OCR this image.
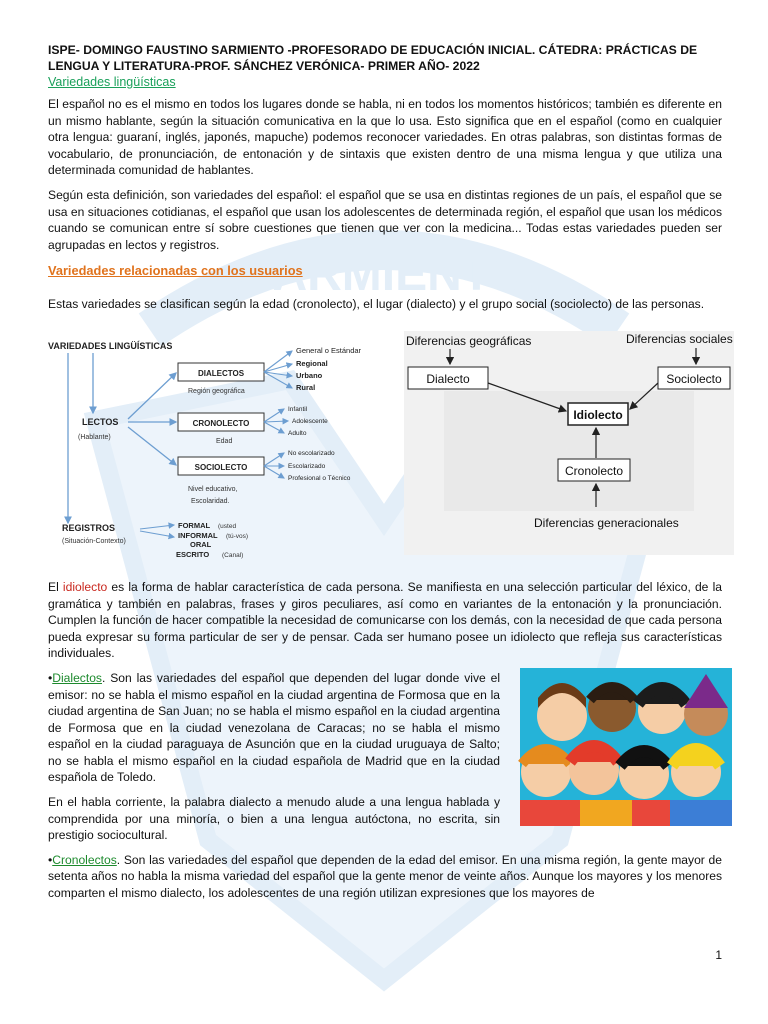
SARMIENTO
ISPE- DOMINGO FAUSTINO SARMIENTO -PROFESORADO DE EDUCACIÓN INICIAL. CÁTEDRA: PRÁCTICAS DE
LENGUA Y LITERATURA-PROF. SÁNCHEZ VERÓNICA- PRIMER AÑO- 2022
Variedades lingüísticas

El español no es el mismo en todos los lugares donde se habla, ni en todos los momentos históricos; también es diferente en un mismo hablante, según la situación comunicativa en la que lo usa. Esto significa que en el español (como en cualquier otra lengua: guaraní, inglés, japonés, mapuche) podemos reconocer variedades. En otras palabras, son distintas formas de vocabulario, de pronunciación, de entonación y de sintaxis que existen dentro de una misma lengua y que utiliza una determinada comunidad de hablantes.

Según esta definición, son variedades del español: el español que se usa en distintas regiones de un país, el español que se usa en situaciones cotidianas, el español que usan los adolescentes de determinada región, el español que usan los médicos cuando se comunican entre sí sobre cuestiones que tienen que ver con la medicina... Todas estas variedades pueden ser agrupadas en lectos y registros.

Variedades relacionadas con los usuarios

Estas variedades se clasifican según la edad (cronolecto), el lugar (dialecto) y el grupo social (sociolecto) de las personas.

VARIEDADES LINGÜÍSTICAS
LECTOS
(Hablante)
DIALECTOS
Región geográfica
General o Estándar
Regional
Urbano
Rural
CRONOLECTO
Edad
Infantil
Adolescente
Adulto
SOCIOLECTO
No escolarizado
Escolarizado
Profesional o Técnico
Nivel educativo,
Escolaridad.
REGISTROS
(Situación-Contexto)
FORMAL (usted
INFORMAL (tú-vos)
ORAL
ESCRITO (Canal)
Diferencias geográficas	Diferencias sociales
Dialecto	Sociolecto
Idiolecto
Cronolecto
Diferencias generacionales

El idiolecto es la forma de hablar característica de cada persona. Se manifiesta en una selección particular del léxico, de la gramática y también en palabras, frases y giros peculiares, así como en variantes de la entonación y la pronunciación. Cumplen la función de hacer compatible la necesidad de comunicarse con los demás, con la necesidad de que cada persona pueda expresar su forma particular de ser y de pensar. Cada ser humano posee un idiolecto que refleja sus características individuales.

•Dialectos. Son las variedades del español que dependen del lugar donde vive el emisor: no se habla el mismo español en la ciudad argentina de Formosa que en la ciudad argentina de San Juan; no se habla el mismo español en la ciudad argentina de Formosa que en la ciudad venezolana de Caracas; no se habla el mismo español en la ciudad paraguaya de Asunción que en la ciudad uruguaya de Salto; no se habla el mismo español en la ciudad española de Madrid que en la ciudad española de Toledo.

En el habla corriente, la palabra dialecto a menudo alude a una lengua hablada y comprendida por una minoría, o bien a una lengua autóctona, no escrita, sin prestigio sociocultural.

•Cronolectos. Son las variedades del español que dependen de la edad del emisor. En una misma región, la gente mayor de setenta años no habla la misma variedad del español que la gente menor de veinte años. Aunque los mayores y los menores comparten el mismo dialecto, los adolescentes de una región utilizan expresiones que los mayores de

1
